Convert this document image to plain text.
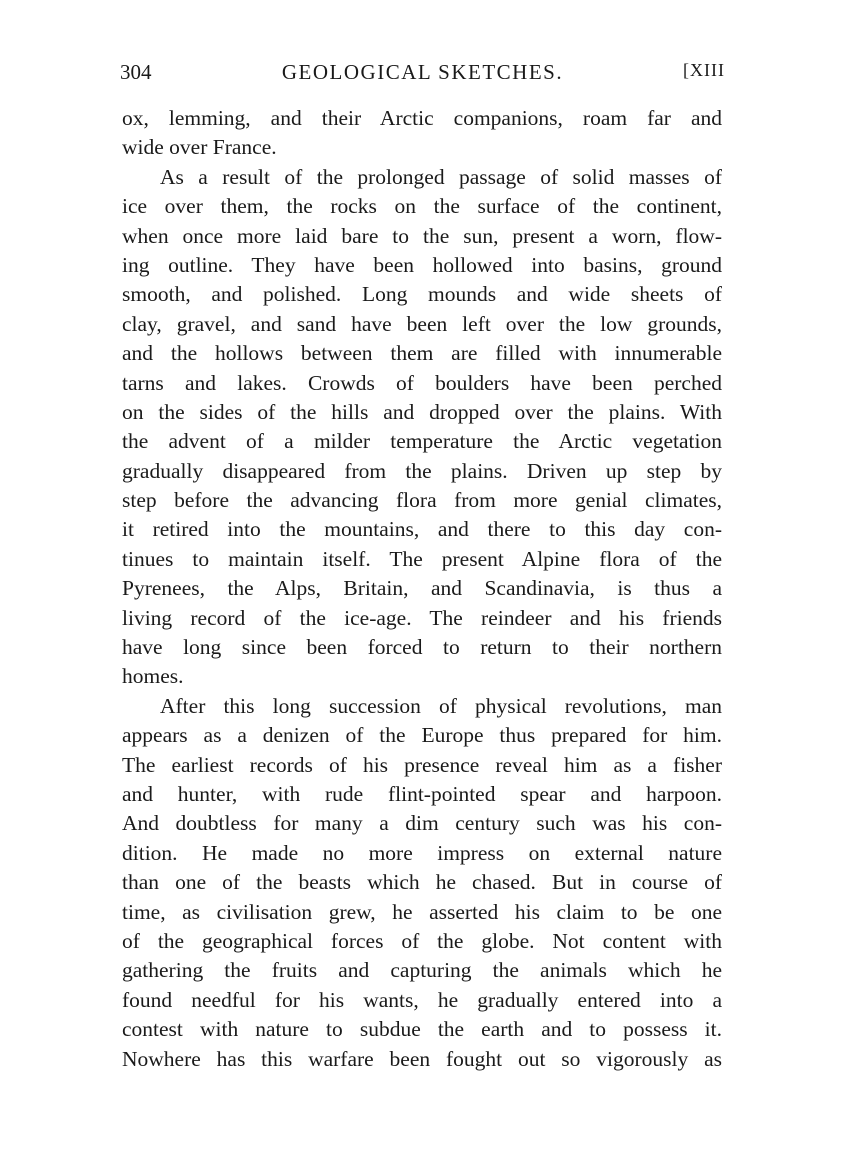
304	GEOLOGICAL SKETCHES.	[XIII
ox, lemming, and their Arctic companions, roam far and
wide over France.
As a result of the prolonged passage of solid masses of
ice over them, the rocks on the surface of the continent,
when once more laid bare to the sun, present a worn, flow-
ing outline. They have been hollowed into basins, ground
smooth, and polished. Long mounds and wide sheets of
clay, gravel, and sand have been left over the low grounds,
and the hollows between them are filled with innumerable
tarns and lakes. Crowds of boulders have been perched
on the sides of the hills and dropped over the plains. With
the advent of a milder temperature the Arctic vegetation
gradually disappeared from the plains. Driven up step by
step before the advancing flora from more genial climates,
it retired into the mountains, and there to this day con-
tinues to maintain itself. The present Alpine flora of the
Pyrenees, the Alps, Britain, and Scandinavia, is thus a
living record of the ice-age. The reindeer and his friends
have long since been forced to return to their northern
homes.
After this long succession of physical revolutions, man
appears as a denizen of the Europe thus prepared for him.
The earliest records of his presence reveal him as a fisher
and hunter, with rude flint-pointed spear and harpoon.
And doubtless for many a dim century such was his con-
dition. He made no more impress on external nature
than one of the beasts which he chased. But in course of
time, as civilisation grew, he asserted his claim to be one
of the geographical forces of the globe. Not content with
gathering the fruits and capturing the animals which he
found needful for his wants, he gradually entered into a
contest with nature to subdue the earth and to possess it.
Nowhere has this warfare been fought out so vigorously as
